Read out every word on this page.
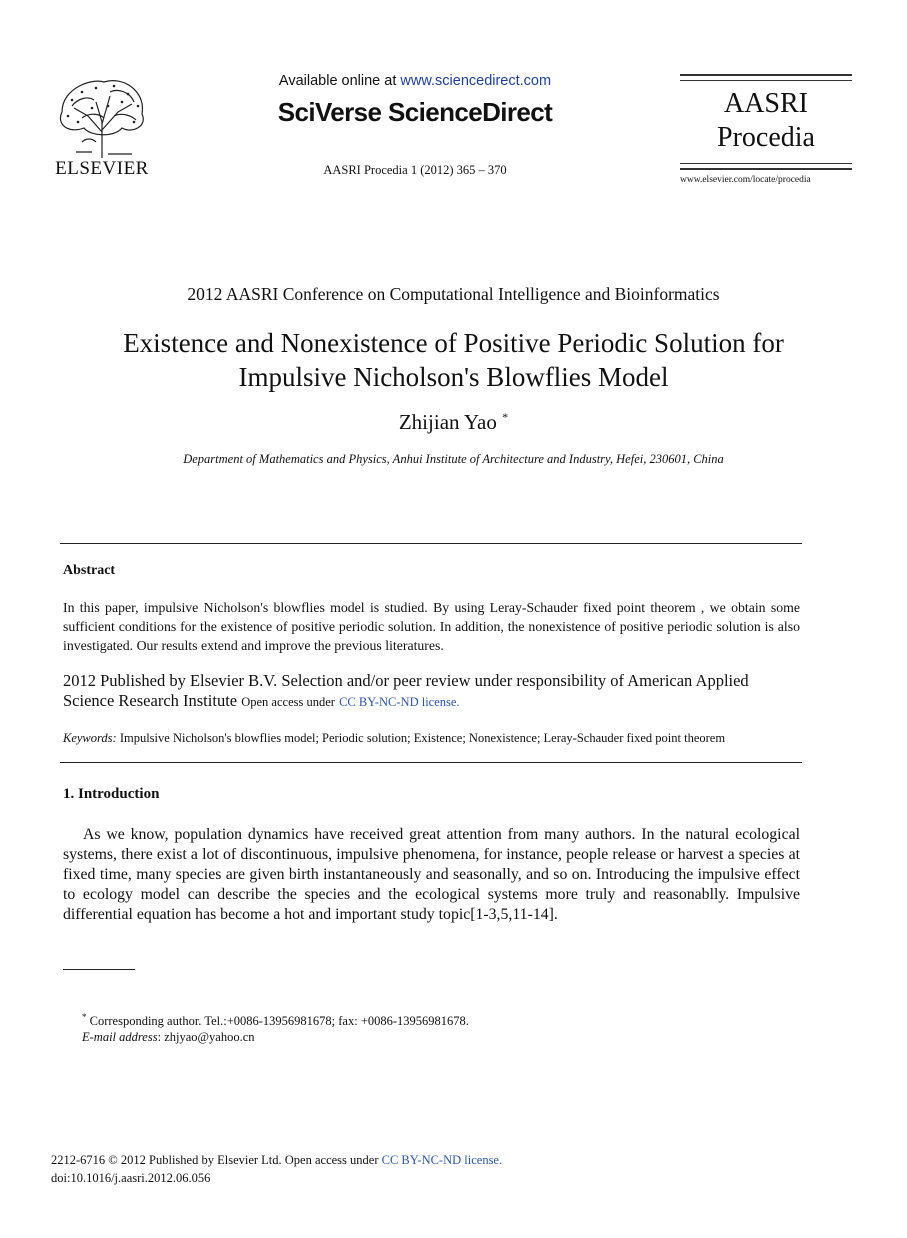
ELSEVIER
Available online at www.sciencedirect.com
SciVerse ScienceDirect
AASRI Procedia 1 (2012) 365 – 370
AASRI
Procedia
www.elsevier.com/locate/procedia
2012 AASRI Conference on Computational Intelligence and Bioinformatics
Existence and Nonexistence of Positive Periodic Solution for
Impulsive Nicholson's Blowflies Model
Zhijian Yao *
Department of Mathematics and Physics, Anhui Institute of Architecture and Industry, Hefei, 230601, China
Abstract
In this paper, impulsive Nicholson's blowflies model is studied. By using Leray-Schauder fixed point theorem , we obtain some sufficient conditions for the existence of positive periodic solution. In addition, the nonexistence of positive periodic solution is also investigated. Our results extend and improve the previous literatures.
2012 Published by Elsevier B.V. Selection and/or peer review under responsibility of American Applied Science Research Institute Open access under CC BY-NC-ND license.
Keywords: Impulsive Nicholson's blowflies model; Periodic solution; Existence; Nonexistence; Leray-Schauder fixed point theorem
1. Introduction
As we know, population dynamics have received great attention from many authors. In the natural ecological systems, there exist a lot of discontinuous, impulsive phenomena, for instance, people release or harvest a species at fixed time, many species are given birth instantaneously and seasonally, and so on. Introducing the impulsive effect to ecology model can describe the species and the ecological systems more truly and reasonablly. Impulsive differential equation has become a hot and important study topic[1-3,5,11-14].
* Corresponding author. Tel.:+0086-13956981678; fax: +0086-13956981678.
E-mail address: zhjyao@yahoo.cn
2212-6716 © 2012 Published by Elsevier Ltd. Open access under CC BY-NC-ND license.
doi:10.1016/j.aasri.2012.06.056
